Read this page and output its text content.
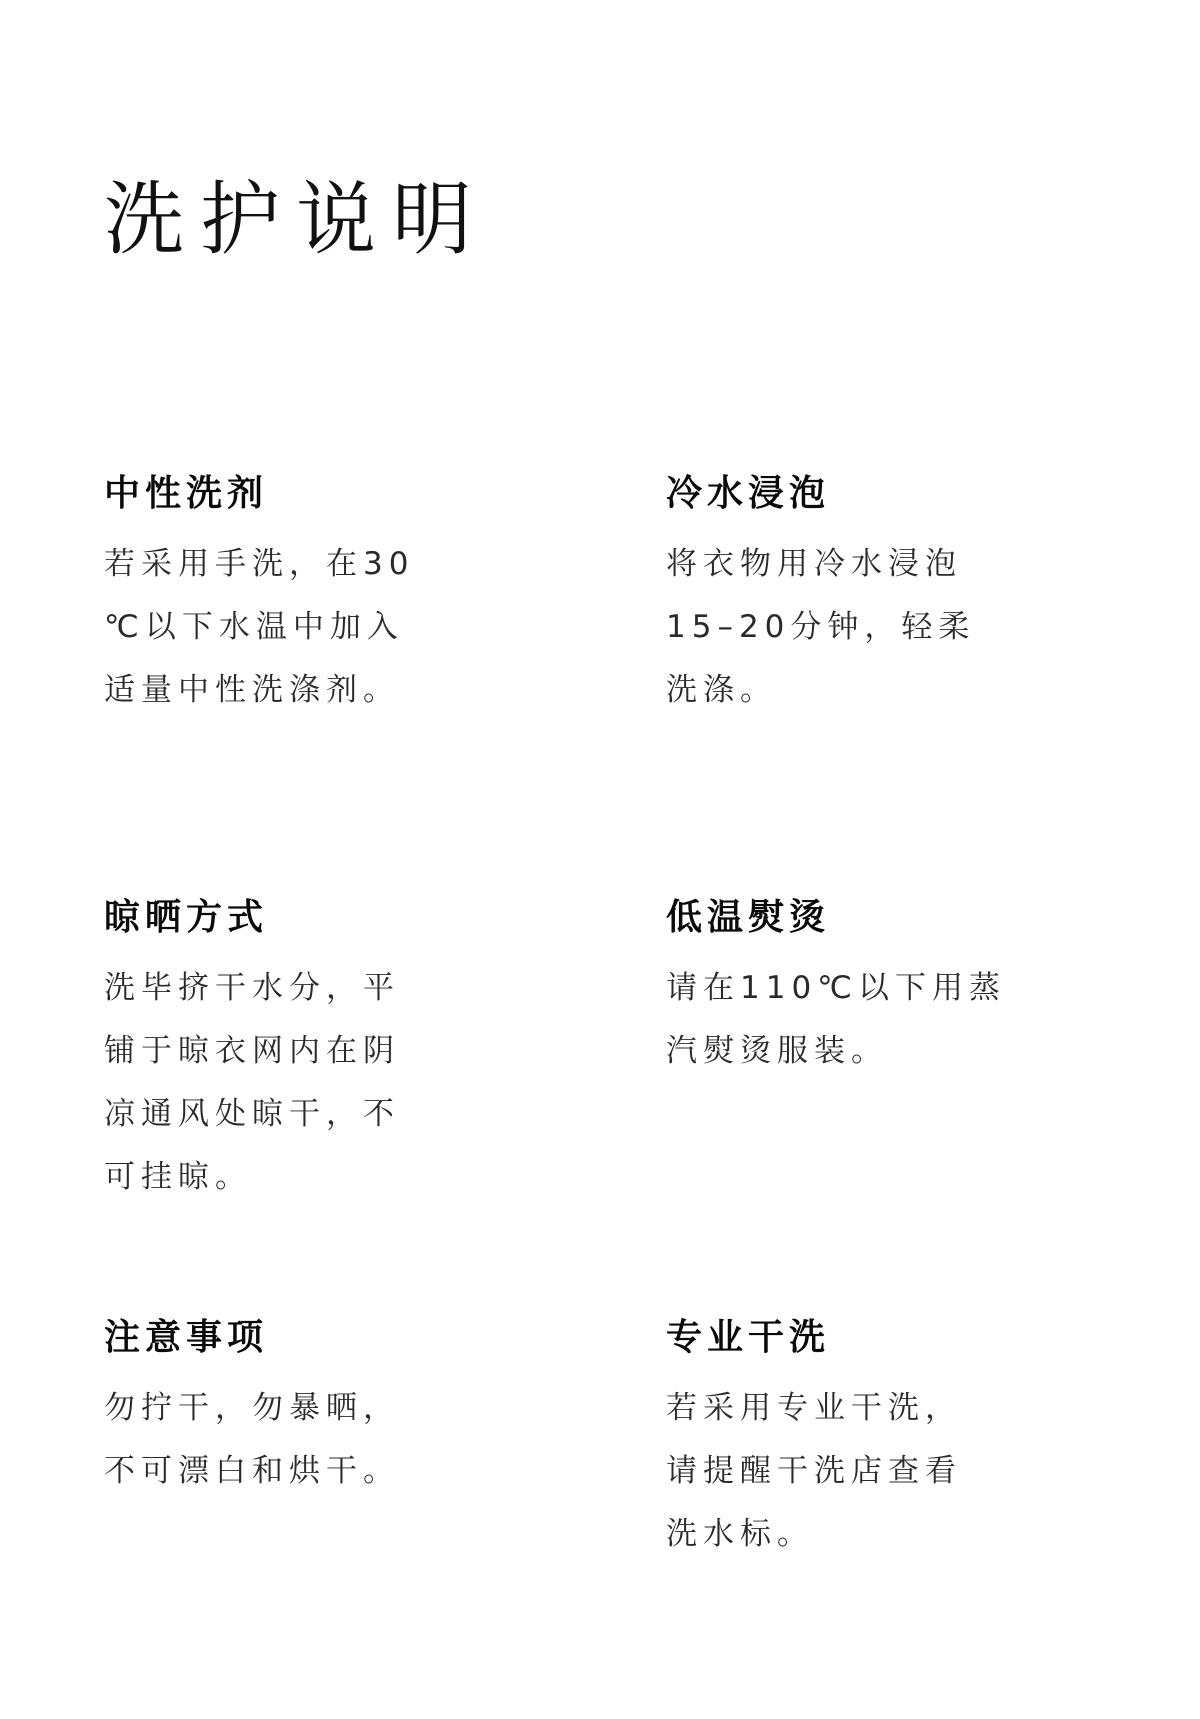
洗护说明
中性洗剂
若采用手洗，在30
℃以下水温中加入
适量中性洗涤剂。
冷水浸泡
将衣物用冷水浸泡
15–20分钟，轻柔
洗涤。
晾晒方式
洗毕挤干水分，平
铺于晾衣网内在阴
凉通风处晾干，不
可挂晾。
低温熨烫
请在110℃以下用蒸
汽熨烫服装。
注意事项
勿拧干，勿暴晒，
不可漂白和烘干。
专业干洗
若采用专业干洗，
请提醒干洗店查看
洗水标。
